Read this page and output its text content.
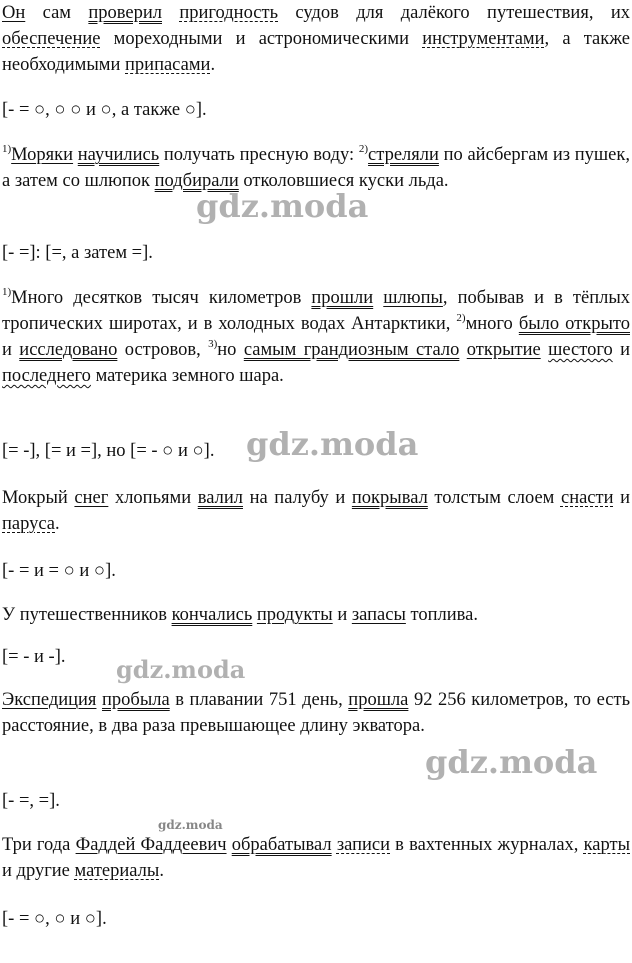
Он сам проверил пригодность судов для далёкого путешествия, их обеспечение мореходными и астрономическими инструментами, а также необходимыми припасами.

[- = ○, ○ ○ и ○, а также ○].

$^{1)}$Моряки научились получать пресную воду: $^{2)}$стреляли по айсбергам из пушек, а затем со шлюпок подбирали отколовшиеся куски льда.

[- =]: [=, а затем =].

$^{1)}$Много десятков тысяч километров прошли шлюпы, побывав и в тёплых тропических широтах, и в холодных водах Антарктики, $^{2)}$много было открыто и исследовано островов, $^{3)}$но самым грандиозным стало открытие шестого и последнего материка земного шара.

[= -], [= и =], но [= - ○ и ○].

Мокрый снег хлопьями валил на палубу и покрывал толстым слоем снасти и паруса.

[- = и = ○ и ○].

У путешественников кончались продукты и запасы топлива.

[= - и -].

Экспедиция пробыла в плавании 751 день, прошла 92 256 километров, то есть расстояние, в два раза превышающее длину экватора.

[- =, =].

Три года Фаддей Фаддеевич обрабатывал записи в вахтенных журналах, карты и другие материалы.

[- = ○, ○ и ○].

gdz.moda
gdz.moda
gdz.moda
gdz.moda
gdz.moda
